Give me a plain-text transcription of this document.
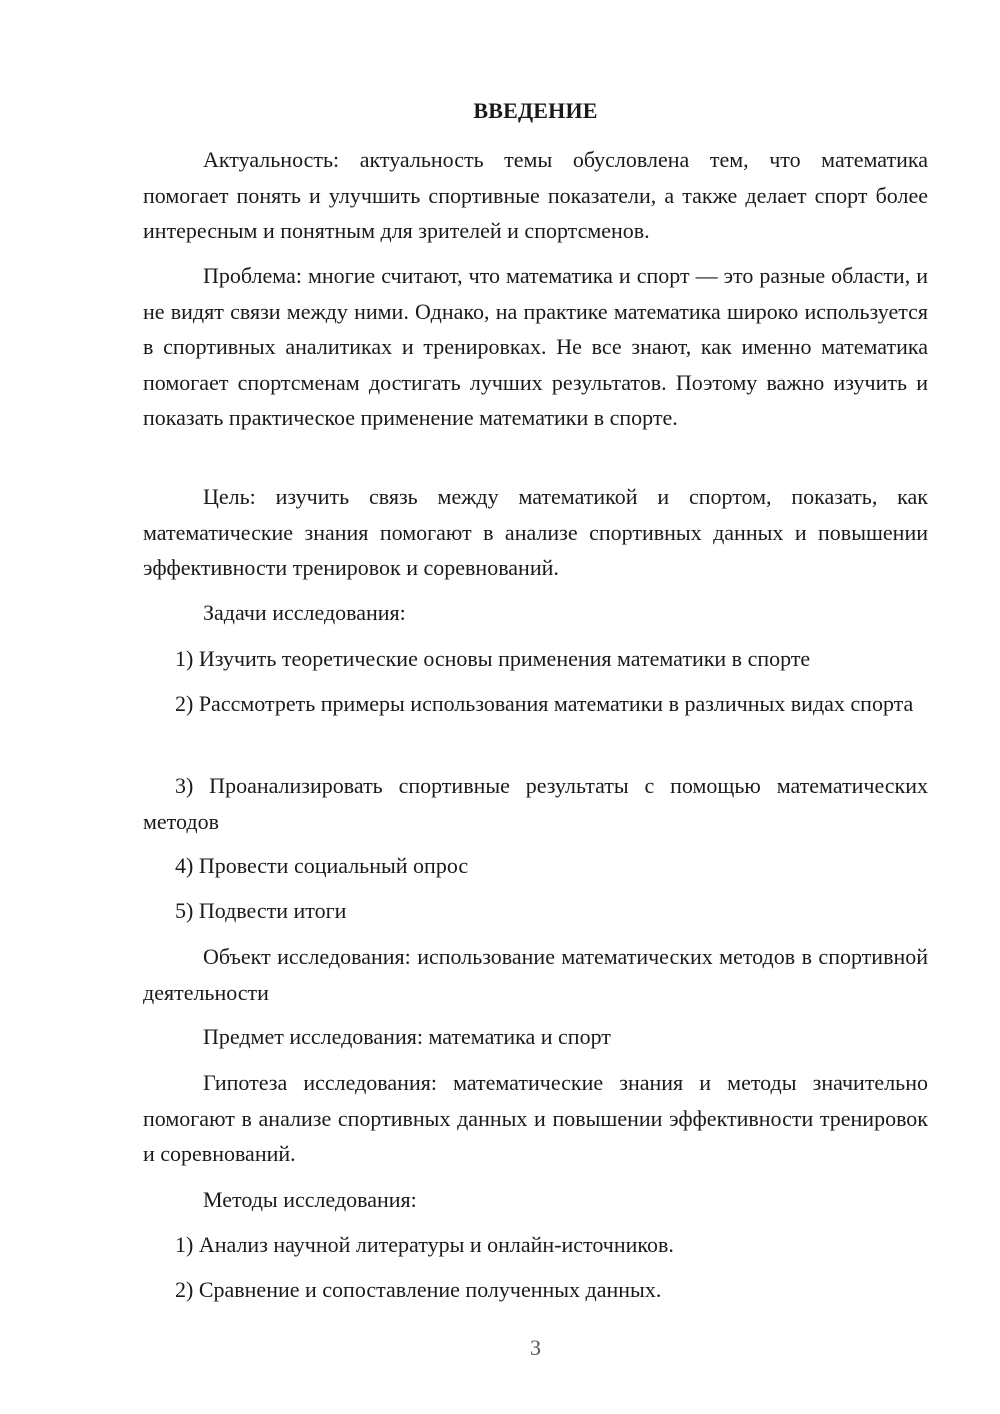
ВВЕДЕНИЕ

Актуальность: актуальность темы обусловлена тем, что математика помогает понять и улучшить спортивные показатели, а также делает спорт более интересным и понятным для зрителей и спортсменов.

Проблема: многие считают, что математика и спорт — это разные области, и не видят связи между ними. Однако, на практике математика широко используется в спортивных аналитиках и тренировках. Не все знают, как именно математика помогает спортсменам достигать лучших результатов. Поэтому важно изучить и показать практическое применение математики в спорте.

Цель: изучить связь между математикой и спортом, показать, как математические знания помогают в анализе спортивных данных и повышении эффективности тренировок и соревнований.

Задачи исследования:

1) Изучить теоретические основы применения математики в спорте

2) Рассмотреть примеры использования математики в различных видах спорта

3) Проанализировать спортивные результаты с помощью математических методов

4) Провести социальный опрос

5) Подвести итоги

Объект исследования: использование математических методов в спортивной деятельности

Предмет исследования: математика и спорт

Гипотеза исследования: математические знания и методы значительно помогают в анализе спортивных данных и повышении эффективности тренировок и соревнований.

Методы исследования:

1) Анализ научной литературы и онлайн-источников.

2) Сравнение и сопоставление полученных данных.

3
